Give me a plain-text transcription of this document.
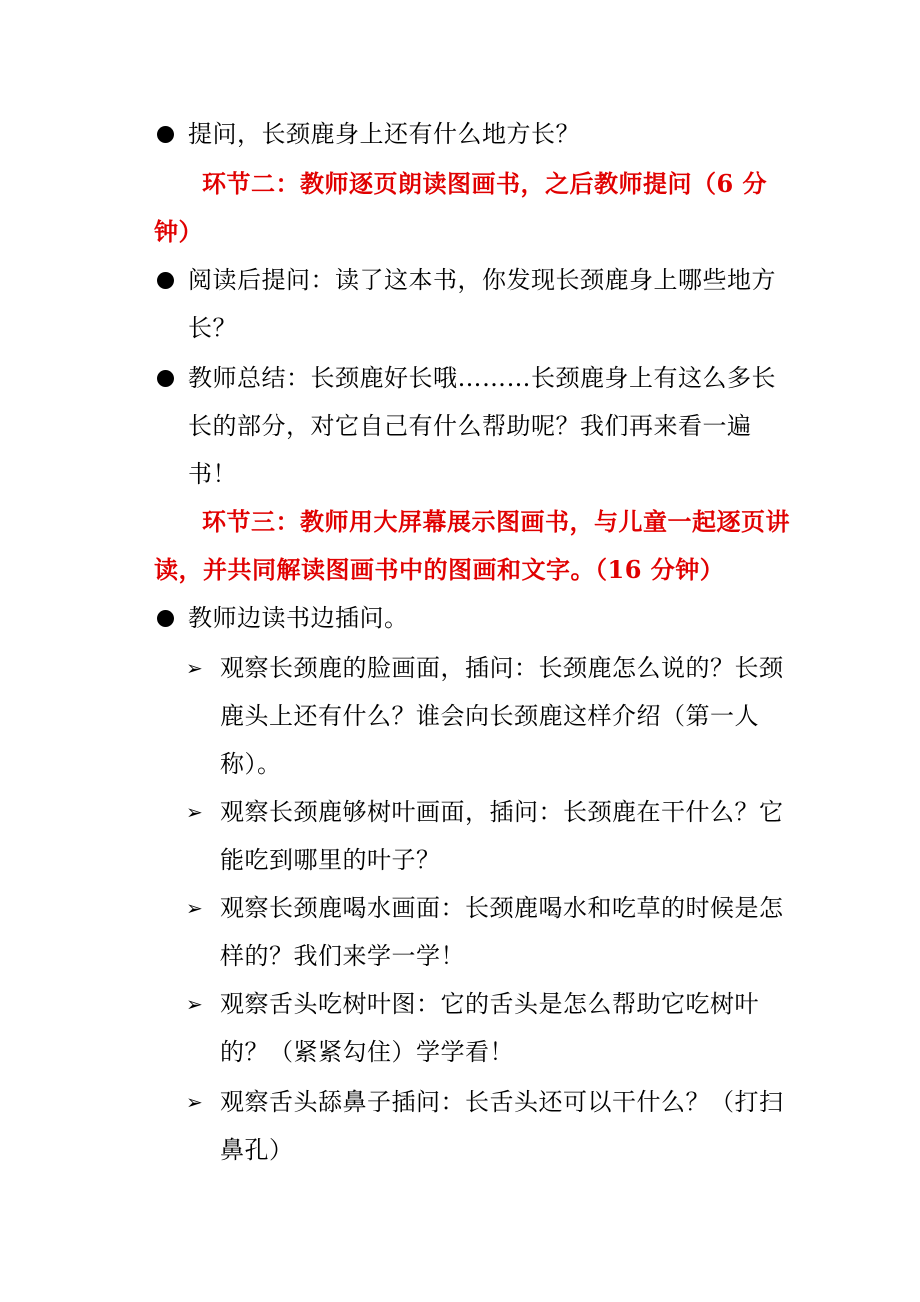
提问，长颈鹿身上还有什么地方长？
环节二：教师逐页朗读图画书，之后教师提问（6 分钟）
阅读后提问：读了这本书，你发现长颈鹿身上哪些地方长？
教师总结：长颈鹿好长哦………长颈鹿身上有这么多长长的部分，对它自己有什么帮助呢？我们再来看一遍书！
环节三：教师用大屏幕展示图画书，与儿童一起逐页讲读，并共同解读图画书中的图画和文字。（16 分钟）
教师边读书边插问。
➢ 观察长颈鹿的脸画面，插问：长颈鹿怎么说的？长颈鹿头上还有什么？谁会向长颈鹿这样介绍（第一人称）。
➢ 观察长颈鹿够树叶画面，插问：长颈鹿在干什么？它能吃到哪里的叶子？
➢ 观察长颈鹿喝水画面：长颈鹿喝水和吃草的时候是怎样的？我们来学一学！
➢ 观察舌头吃树叶图：它的舌头是怎么帮助它吃树叶的？（紧紧勾住）学学看！
➢ 观察舌头舔鼻子插问：长舌头还可以干什么？（打扫鼻孔）
